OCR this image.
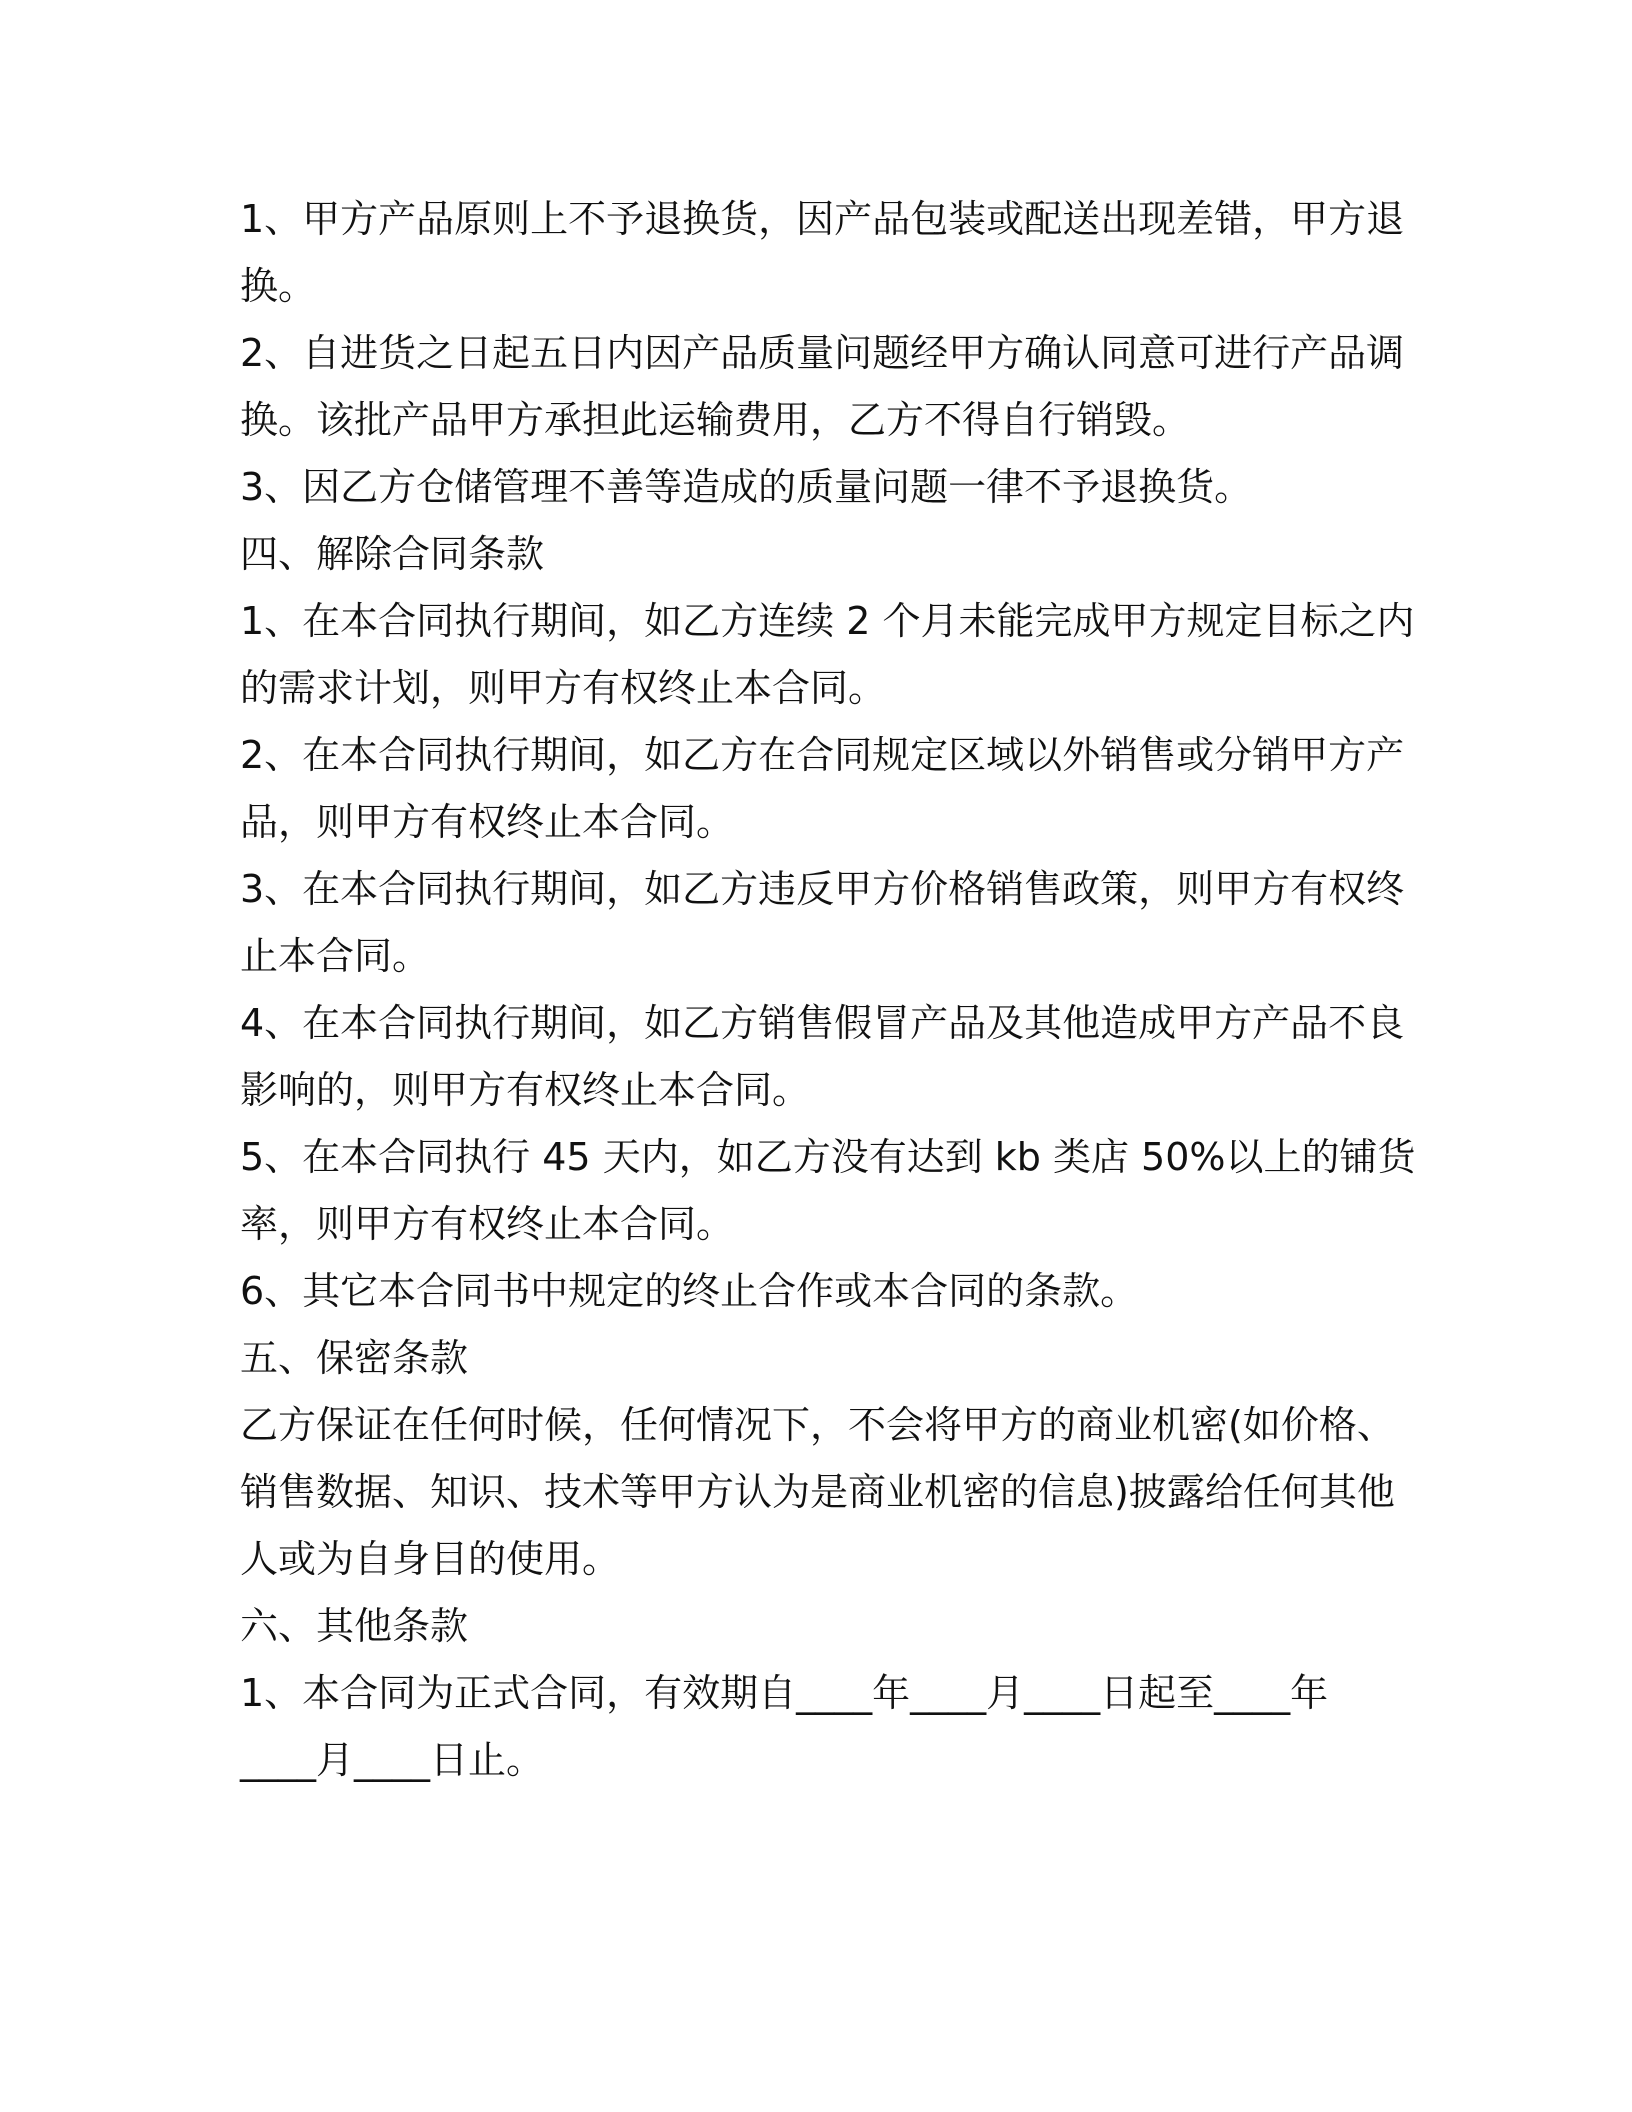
1、甲方产品原则上不予退换货，因产品包装或配送出现差错，甲方退
换。
2、自进货之日起五日内因产品质量问题经甲方确认同意可进行产品调
换。该批产品甲方承担此运输费用，乙方不得自行销毁。
3、因乙方仓储管理不善等造成的质量问题一律不予退换货。
四、解除合同条款
1、在本合同执行期间，如乙方连续 2 个月未能完成甲方规定目标之内
的需求计划，则甲方有权终止本合同。
2、在本合同执行期间，如乙方在合同规定区域以外销售或分销甲方产
品，则甲方有权终止本合同。
3、在本合同执行期间，如乙方违反甲方价格销售政策，则甲方有权终
止本合同。
4、在本合同执行期间，如乙方销售假冒产品及其他造成甲方产品不良
影响的，则甲方有权终止本合同。
5、在本合同执行 45 天内，如乙方没有达到 kb 类店 50%以上的铺货
率，则甲方有权终止本合同。
6、其它本合同书中规定的终止合作或本合同的条款。
五、保密条款
乙方保证在任何时候，任何情况下，不会将甲方的商业机密(如价格、
销售数据、知识、技术等甲方认为是商业机密的信息)披露给任何其他
人或为自身目的使用。
六、其他条款
1、本合同为正式合同，有效期自____年____月____日起至____年
____月____日止。
